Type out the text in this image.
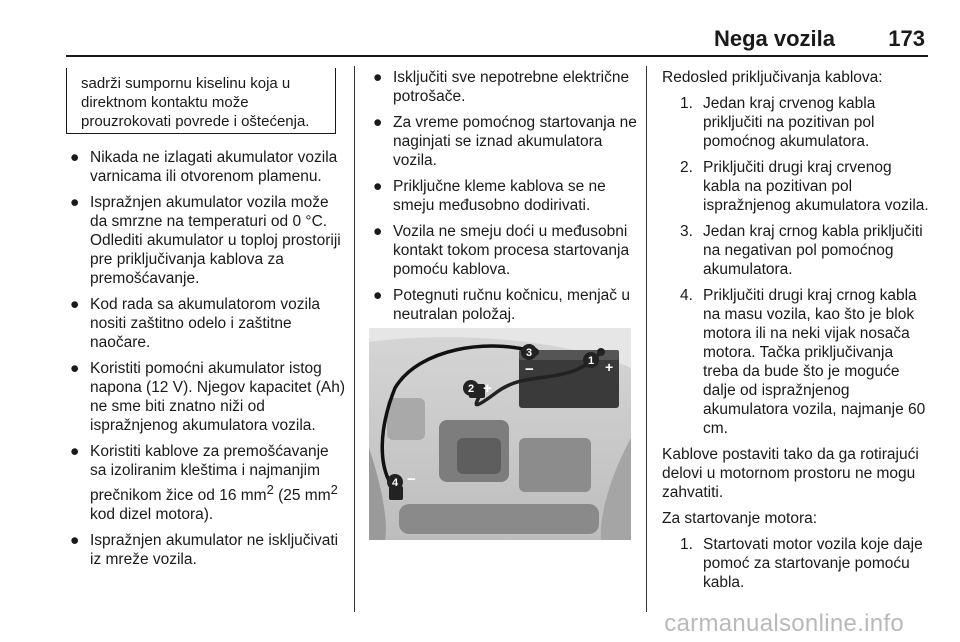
Nega vozila 173
sadrži sumpornu kiselinu koja u direktnom kontaktu može prouzrokovati povrede i oštećenja.
● Nikada ne izlagati akumulator vozila varnicama ili otvorenom plamenu.
● Ispražnjen akumulator vozila može da smrzne na temperaturi od 0 °C. Odlediti akumulator u toploj prostoriji pre priključivanja kablova za premošćavanje.
● Kod rada sa akumulatorom vozila nositi zaštitno odelo i zaštitne naočare.
● Koristiti pomoćni akumulator istog napona (12 V). Njegov kapacitet (Ah) ne sme biti znatno niži od ispražnjenog akumulatora vozila.
● Koristiti kablove za premošćavanje sa izoliranim kleštima i najmanjim prečnikom žice od 16 $mm^2$ (25 $mm^2$ kod dizel motora).
● Ispražnjen akumulator ne isključivati iz mreže vozila.
● Isključiti sve nepotrebne električne potrošače.
● Za vreme pomoćnog startovanja ne naginjati se iznad akumulatora vozila.
● Priključne kleme kablova se ne smeju međusobno dodirivati.
● Vozila ne smeju doći u međusobni kontakt tokom procesa startovanja pomoću kablova.
● Potegnuti ručnu kočnicu, menjač u neutralan položaj.
1 +
2 +
3
−
4 −

Redosled priključivanja kablova:

1. Jedan kraj crvenog kabla priključiti na pozitivan pol pomoćnog akumulatora.
2. Priključiti drugi kraj crvenog kabla na pozitivan pol ispražnjenog akumulatora vozila.
3. Jedan kraj crnog kabla priključiti na negativan pol pomoćnog akumulatora.
4. Priključiti drugi kraj crnog kabla na masu vozila, kao što je blok motora ili na neki vijak nosača motora. Tačka priključivanja treba da bude što je moguće dalje od ispražnjenog akumulatora vozila, najmanje 60 cm.

Kablove postaviti tako da ga rotirajući delovi u motornom prostoru ne mogu zahvatiti.

Za startovanje motora:

1. Startovati motor vozila koje daje pomoć za startovanje pomoću kabla.
carmanualsonline.info
